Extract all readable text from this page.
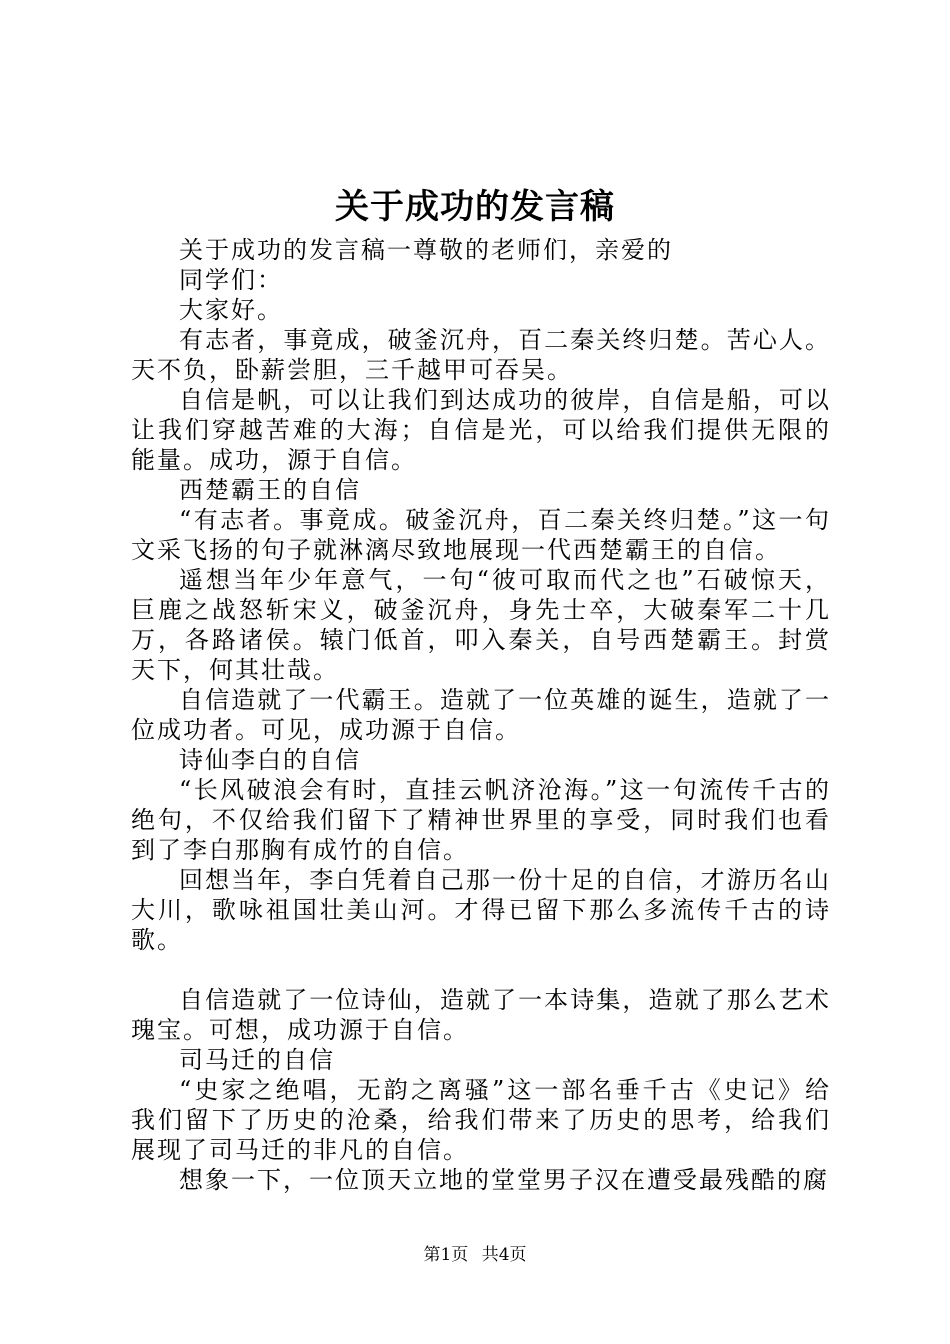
关于成功的发言稿

关于成功的发言稿一尊敬的老师们，亲爱的

同学们：

大家好。

有志者，事竟成，破釜沉舟，百二秦关终归楚。苦心人。天不负，卧薪尝胆，三千越甲可吞吴。

自信是帆，可以让我们到达成功的彼岸，自信是船，可以让我们穿越苦难的大海；自信是光，可以给我们提供无限的能量。成功，源于自信。

西楚霸王的自信

“有志者。事竟成。破釜沉舟，百二秦关终归楚。”这一句文采飞扬的句子就淋漓尽致地展现一代西楚霸王的自信。

遥想当年少年意气，一句“彼可取而代之也”石破惊天，巨鹿之战怒斩宋义，破釜沉舟，身先士卒，大破秦军二十几万，各路诸侯。辕门低首，叩入秦关，自号西楚霸王。封赏天下，何其壮哉。

自信造就了一代霸王。造就了一位英雄的诞生，造就了一位成功者。可见，成功源于自信。

诗仙李白的自信

“长风破浪会有时，直挂云帆济沧海。”这一句流传千古的绝句，不仅给我们留下了精神世界里的享受，同时我们也看到了李白那胸有成竹的自信。

回想当年，李白凭着自己那一份十足的自信，才游历名山大川，歌咏祖国壮美山河。才得已留下那么多流传千古的诗歌。

自信造就了一位诗仙，造就了一本诗集，造就了那么艺术瑰宝。可想，成功源于自信。

司马迁的自信

“史家之绝唱，无韵之离骚”这一部名垂千古《史记》给我们留下了历史的沧桑，给我们带来了历史的思考，给我们展现了司马迁的非凡的自信。

想象一下，一位顶天立地的堂堂男子汉在遭受最残酷的腐

第1页 共4页
